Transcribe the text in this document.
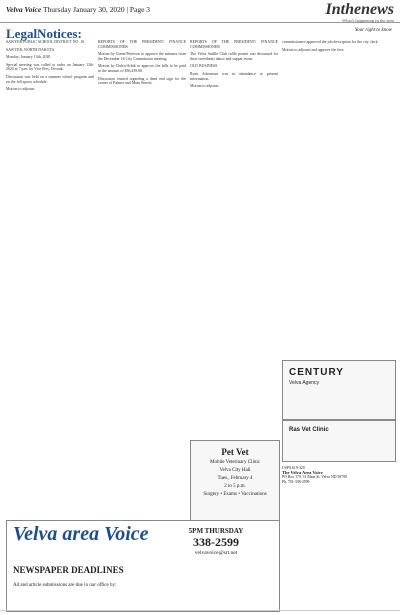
Velva Voice Thursday January 30, 2020 | Page 3	Inthenews
What's happening in the area
LegalNotices:	Your right to know

SAWYER PUBLIC SCHOOL DISTRICT NO. 16

SAWYER, NORTH DAKOTA

Monday, January 13th, 2020

Special meeting was called to order on January 13th, 2020 at 7 p.m. by Vice Pres. Dvorak.

Discussion was held on a summer school program and on the fall sports schedule.

Motion to adjourn.

REPORTS OF THE PRESIDENT/ FINANCE COMMISSIONER

Motion by Green/Peterson to approve the minutes from the December 16 City Commission meeting.

Motion by Dalvo/Arbik to approve the bills to be paid in the amount of $36,439.60.

Discussion ensued regarding a dead end sign for the corner of Palmer and Main Streets.

REPORTS OF THE PRESIDENT/ FINANCE COMMISSIONER

The Velva Saddle Club raffle permit was discussed for their sweetheart dance and supper event.

OLD BUSINESS

Ryan Ackerman was in attendance to present information.

Motion to adjourn.

commissioners approved the job description for the city clerk.

Motion to adjourn and approve the fees.

CENTURY
Velva Agency
Ras Vet Clinic
Pet Vet
Mobile Veterinary Clinic
Velva City Hall
Tues., February 4
2 to 5 p.m.
Surgery • Exams • Vaccinations
Velva area Voice
NEWSPAPER DEADLINES
Ad and article submissions are due in our office by:
5PM THURSDAY
338-2599
velvavoice@srt.net
USPS 619-320
The Velva Area Voice
PO Box 179, 51 Main St. Velva ND 58790
Ph. 701-338-2599
